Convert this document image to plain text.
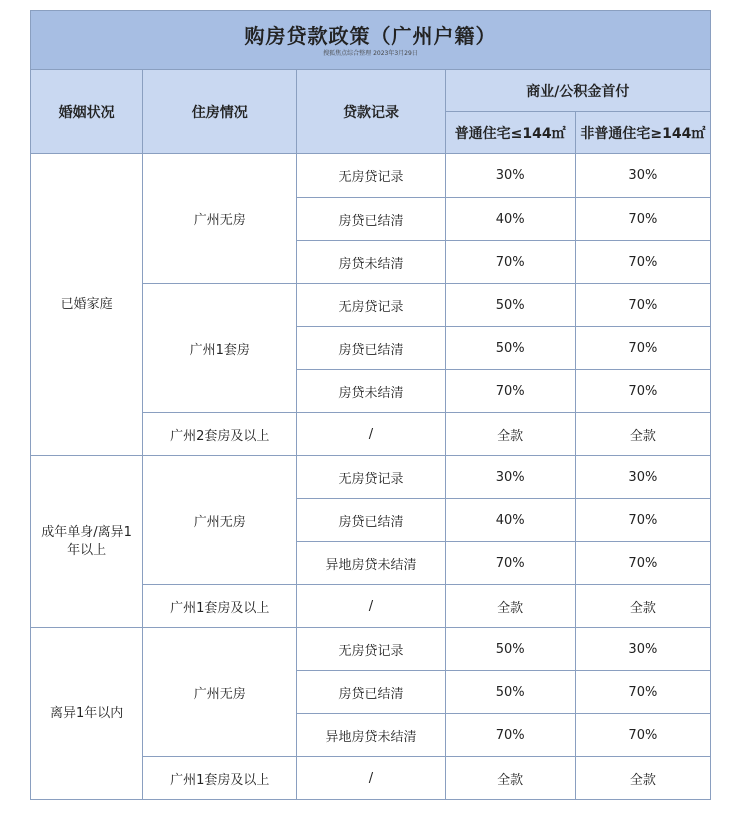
购房贷款政策（广州户籍）
搜狐焦点综合整理 2023年3月29日
婚姻状况	住房情况	贷款记录	商业/公积金首付	
			普通住宅≤144㎡	非普通住宅≥144㎡
已婚家庭	广州无房	无房贷记录	30%	30%
		房贷已结清	40%	70%
		房贷未结清	70%	70%
	广州1套房	无房贷记录	50%	70%
		房贷已结清	50%	70%
		房贷未结清	70%	70%
	广州2套房及以上	/	全款	全款
成年单身/离异1年以上	广州无房	无房贷记录	30%	30%
		房贷已结清	40%	70%
		异地房贷未结清	70%	70%
	广州1套房及以上	/	全款	全款
离异1年以内	广州无房	无房贷记录	50%	30%
		房贷已结清	50%	70%
		异地房贷未结清	70%	70%
	广州1套房及以上	/	全款	全款
